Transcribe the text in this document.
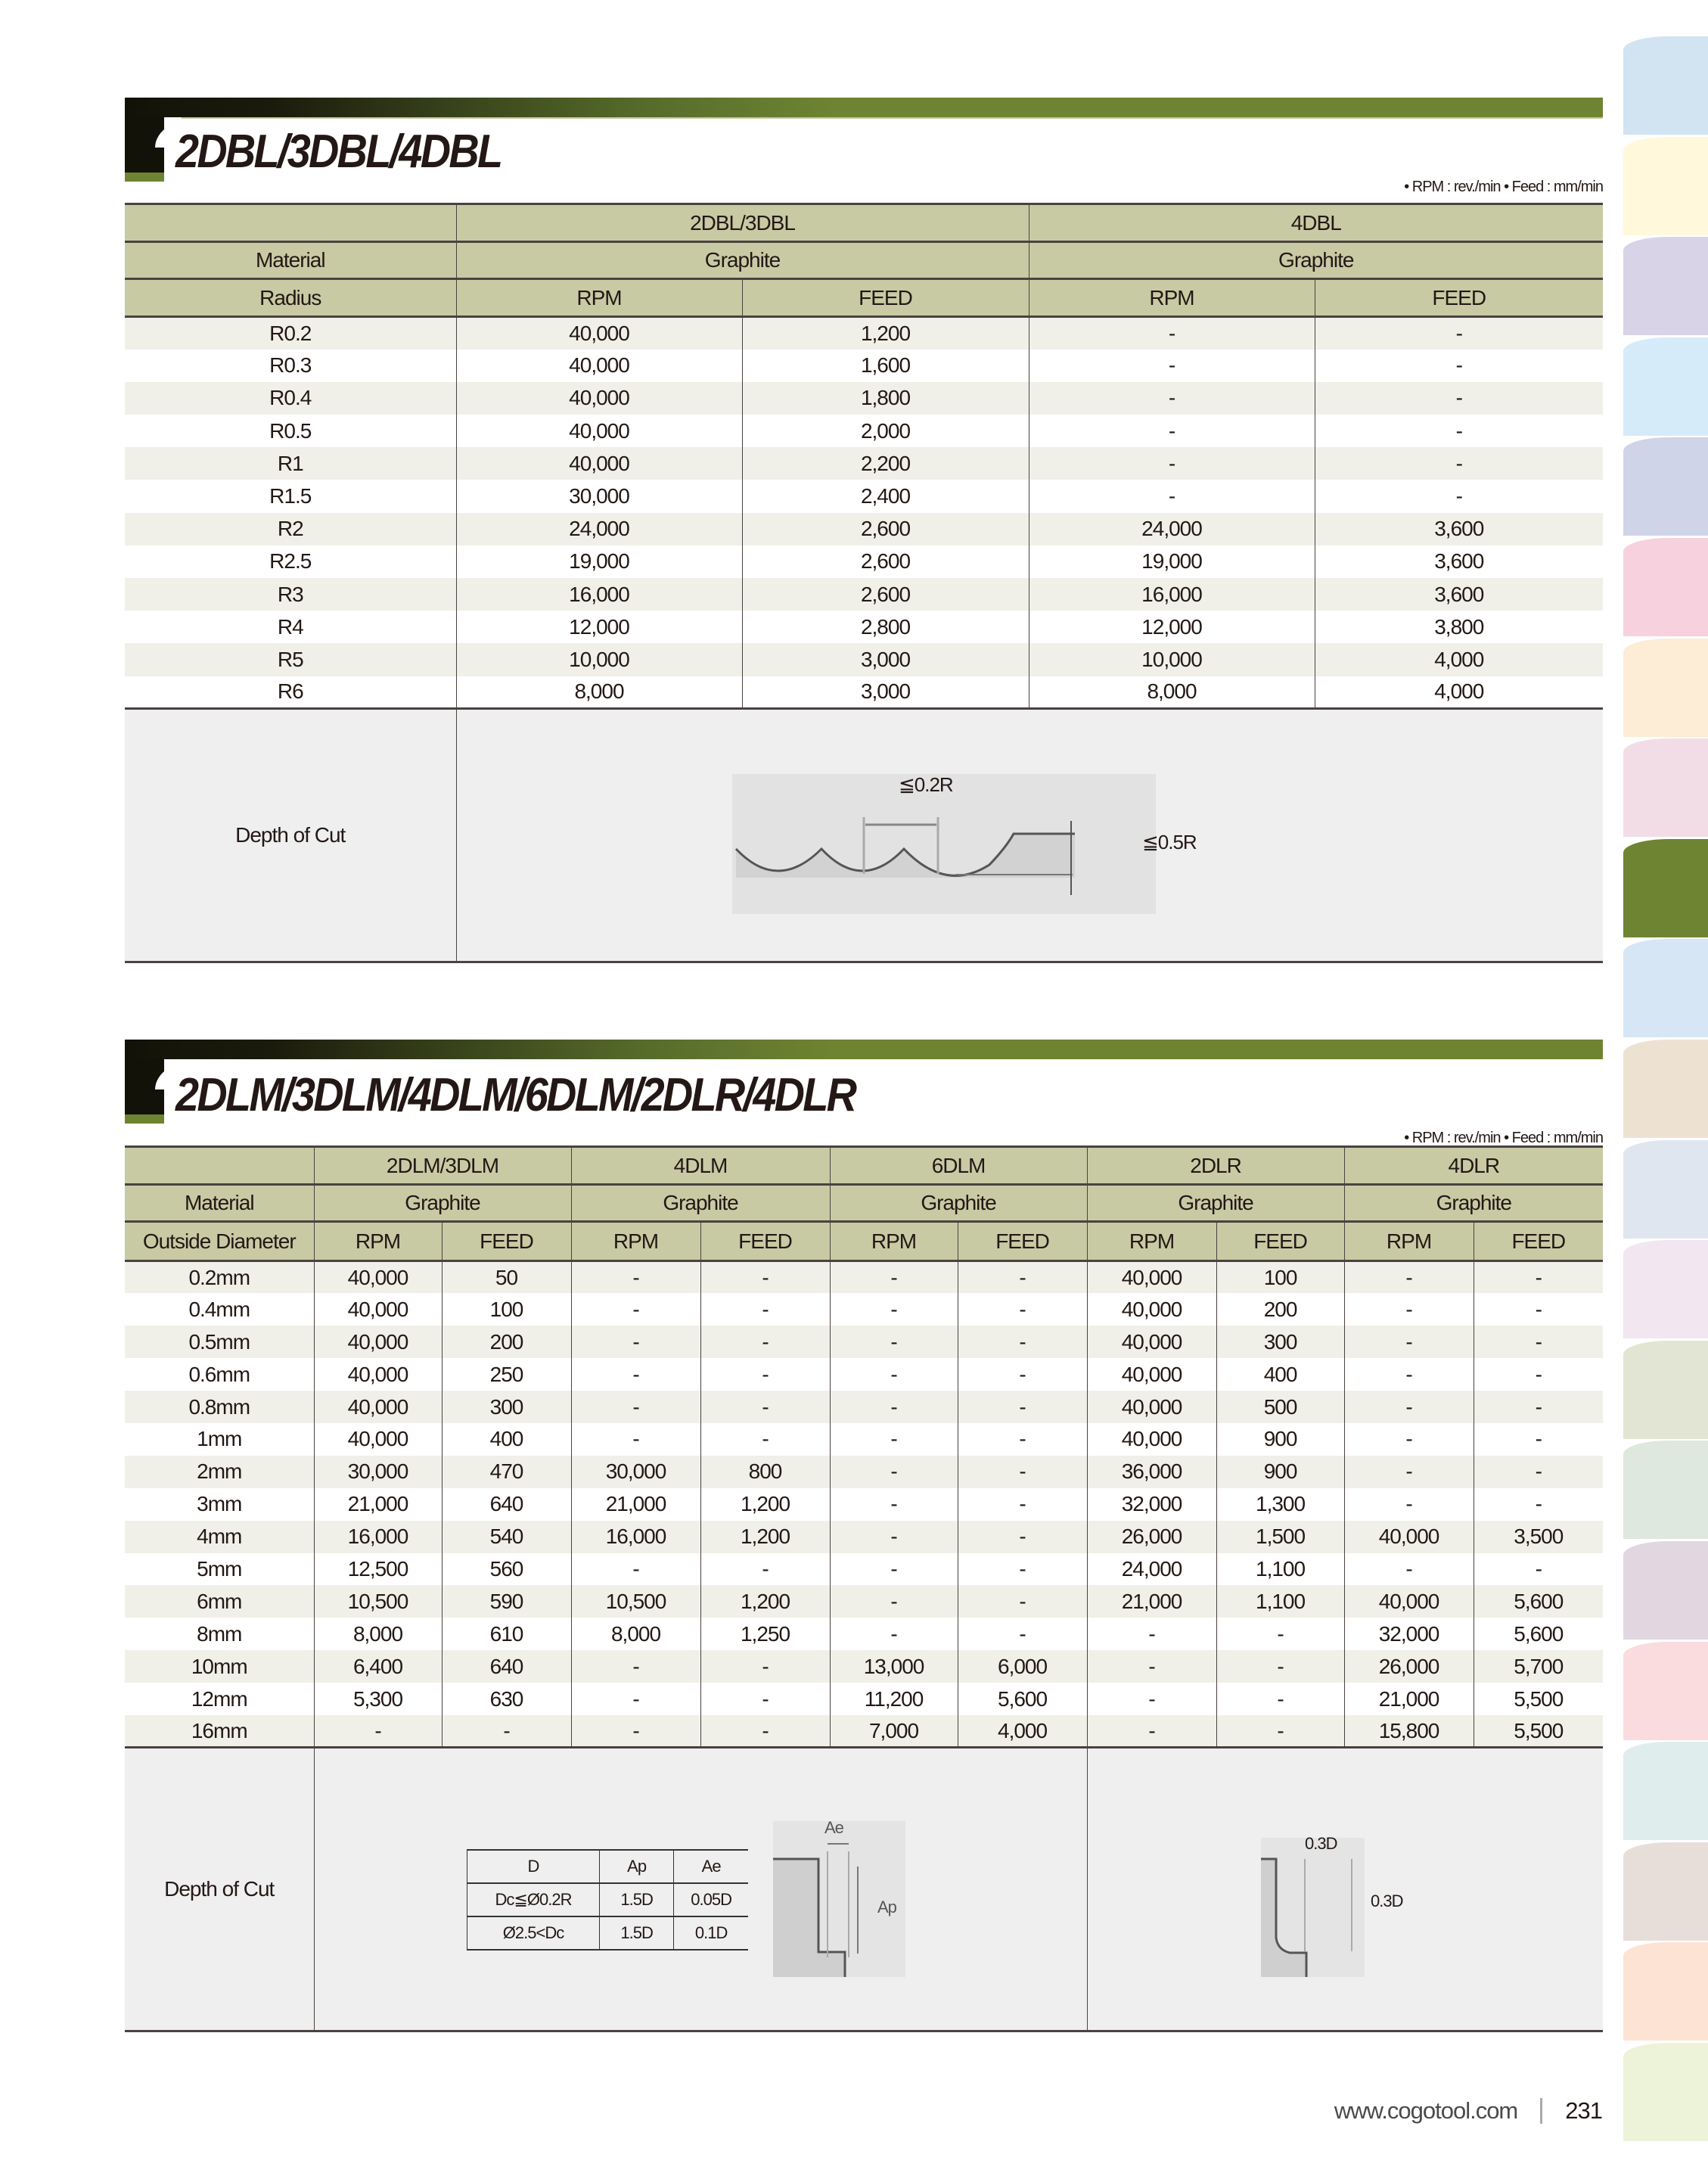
2DBL/3DBL/4DBL
• RPM : rev./min • Feed : mm/min
	2DBL/3DBL		4DBL	
Material	Graphite		Graphite	
Radius	RPM	FEED	RPM	FEED
R0.2	40,000	1,200	-	-
R0.3	40,000	1,600	-	-
R0.4	40,000	1,800	-	-
R0.5	40,000	2,000	-	-
R1	40,000	2,200	-	-
R1.5	30,000	2,400	-	-
R2	24,000	2,600	24,000	3,600
R2.5	19,000	2,600	19,000	3,600
R3	16,000	2,600	16,000	3,600
R4	12,000	2,800	12,000	3,800
R5	10,000	3,000	10,000	4,000
R6	8,000	3,000	8,000	4,000
Depth of Cut				
2DLM/3DLM/4DLM/6DLM/2DLR/4DLR
• RPM : rev./min • Feed : mm/min
	2DLM/3DLM		4DLM		6DLM		2DLR		4DLR	
Material	Graphite		Graphite		Graphite		Graphite		Graphite	
Outside Diameter	RPM	FEED	RPM	FEED	RPM	FEED	RPM	FEED	RPM	FEED
0.2mm	40,000	50	-	-	-	-	40,000	100	-	-
0.4mm	40,000	100	-	-	-	-	40,000	200	-	-
0.5mm	40,000	200	-	-	-	-	40,000	300	-	-
0.6mm	40,000	250	-	-	-	-	40,000	400	-	-
0.8mm	40,000	300	-	-	-	-	40,000	500	-	-
1mm	40,000	400	-	-	-	-	40,000	900	-	-
2mm	30,000	470	30,000	800	-	-	36,000	900	-	-
3mm	21,000	640	21,000	1,200	-	-	32,000	1,300	-	-
4mm	16,000	540	16,000	1,200	-	-	26,000	1,500	40,000	3,500
5mm	12,500	560	-	-	-	-	24,000	1,100	-	-
6mm	10,500	590	10,500	1,200	-	-	21,000	1,100	40,000	5,600
8mm	8,000	610	8,000	1,250	-	-	-	-	32,000	5,600
10mm	6,400	640	-	-	13,000	6,000	-	-	26,000	5,700
12mm	5,300	630	-	-	11,200	5,600	-	-	21,000	5,500
16mm	-	-	-	-	7,000	4,000	-	-	15,800	5,500
Depth of Cut										
≦0.2R
≦0.5R
D	Ap	Ae
Dc≦Ø0.2R	1.5D	0.05D
Ø2.5<Dc	1.5D	0.1D
Ae
Ap
0.3D
0.3D
www.cogotool.com 231
